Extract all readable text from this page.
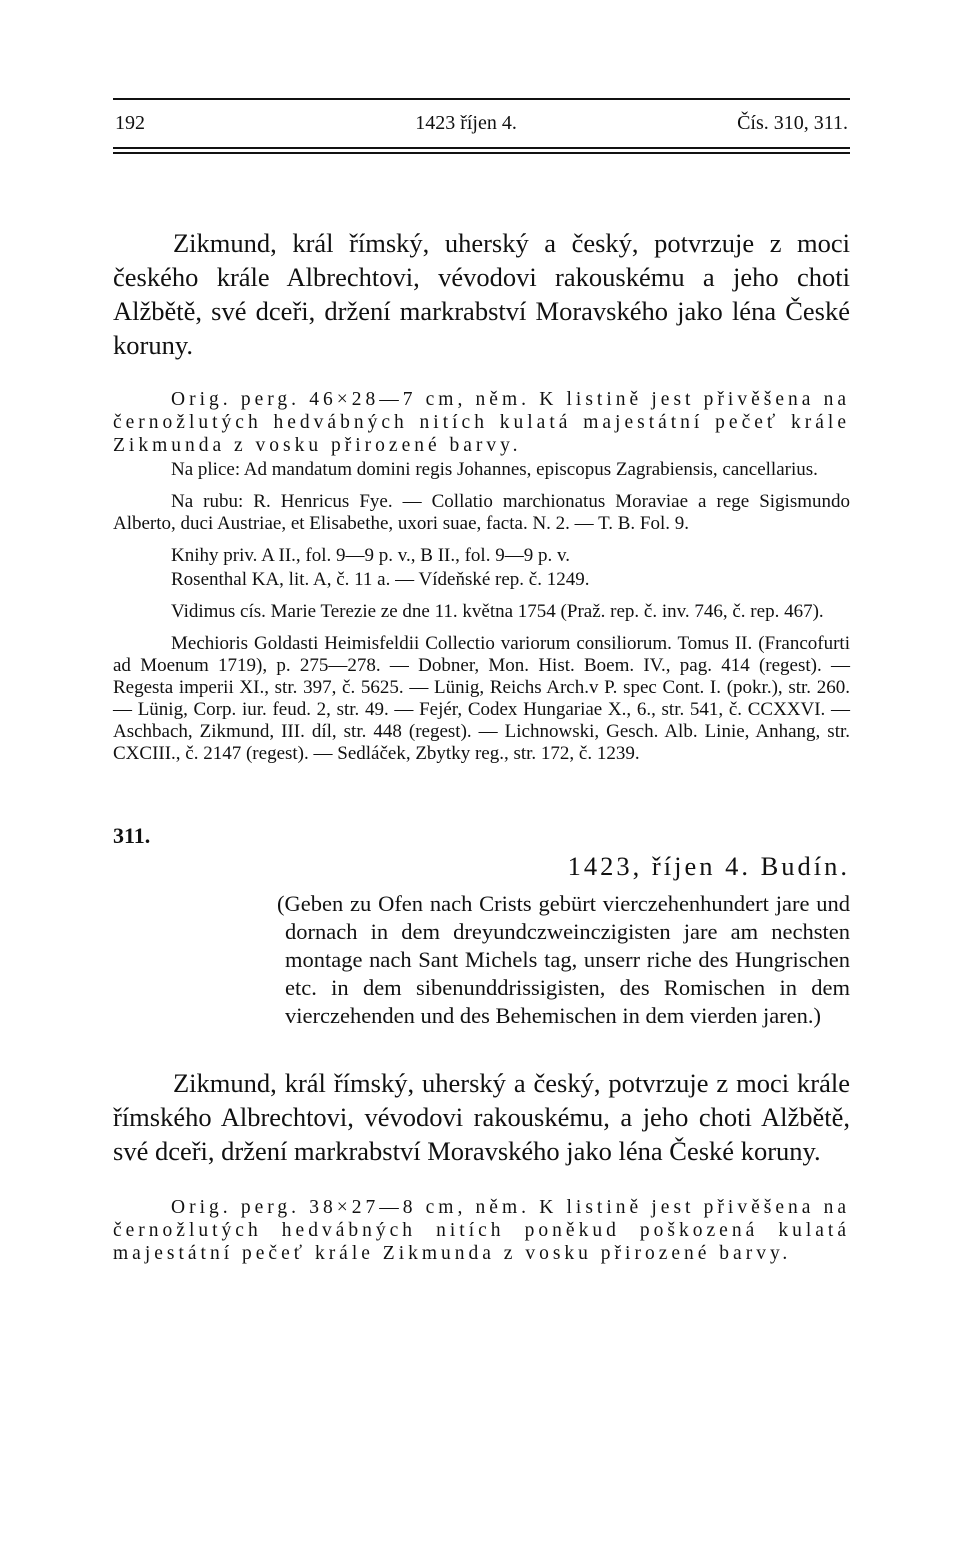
192	1423 říjen 4.	Čís. 310, 311.

Zikmund, král římský, uherský a český, potvrzuje z moci českého krále Albrechtovi, vévodovi rakouskému a jeho choti Alžbětě, své dceři, držení markrabství Moravského jako léna České koruny.

Orig. perg. 46×28—7 cm, něm. K listině jest přivěšena na černožlutých hedvábných nitích kulatá majestátní pečeť krále Zikmunda z vosku přirozené barvy.

Na plice: Ad mandatum domini regis Johannes, episcopus Zagrabiensis, cancellarius.

Na rubu: R. Henricus Fye. — Collatio marchionatus Moraviae a rege Sigismundo Alberto, duci Austriae, et Elisabethe, uxori suae, facta. N. 2. — T. B. Fol. 9.

Knihy priv. A II., fol. 9—9 p. v., B II., fol. 9—9 p. v.

Rosenthal KA, lit. A, č. 11 a. — Vídeňské rep. č. 1249.

Vidimus cís. Marie Terezie ze dne 11. května 1754 (Praž. rep. č. inv. 746, č. rep. 467).

Mechioris Goldasti Heimisfeldii Collectio variorum consiliorum. Tomus II. (Francofurti ad Moenum 1719), p. 275—278. — Dobner, Mon. Hist. Boem. IV., pag. 414 (regest). — Regesta imperii XI., str. 397, č. 5625. — Lünig, Reichs Arch.v P. spec Cont. I. (pokr.), str. 260. — Lünig, Corp. iur. feud. 2, str. 49. — Fejér, Codex Hungariae X., 6., str. 541, č. CCXXVI. — Aschbach, Zikmund, III. díl, str. 448 (regest). — Lichnowski, Gesch. Alb. Linie, Anhang, str. CXCIII., č. 2147 (regest). — Sedláček, Zbytky reg., str. 172, č. 1239.

311.
1423, říjen 4. Budín.

(Geben zu Ofen nach Crists gebürt vierczehenhundert jare und dornach in dem dreyundczweinczigisten jare am nechsten montage nach Sant Michels tag, unserr riche des Hungrischen etc. in dem sibenunddrissigisten, des Romischen in dem vierczehenden und des Behemischen in dem vierden jaren.)

Zikmund, král římský, uherský a český, potvrzuje z moci krále římského Albrechtovi, vévodovi rakouskému, a jeho choti Alžbětě, své dceři, držení markrabství Moravského jako léna České koruny.

Orig. perg. 38×27—8 cm, něm. K listině jest přivěšena na černožlutých hedvábných nitích poněkud poškozená kulatá majestátní pečeť krále Zikmunda z vosku přirozené barvy.
